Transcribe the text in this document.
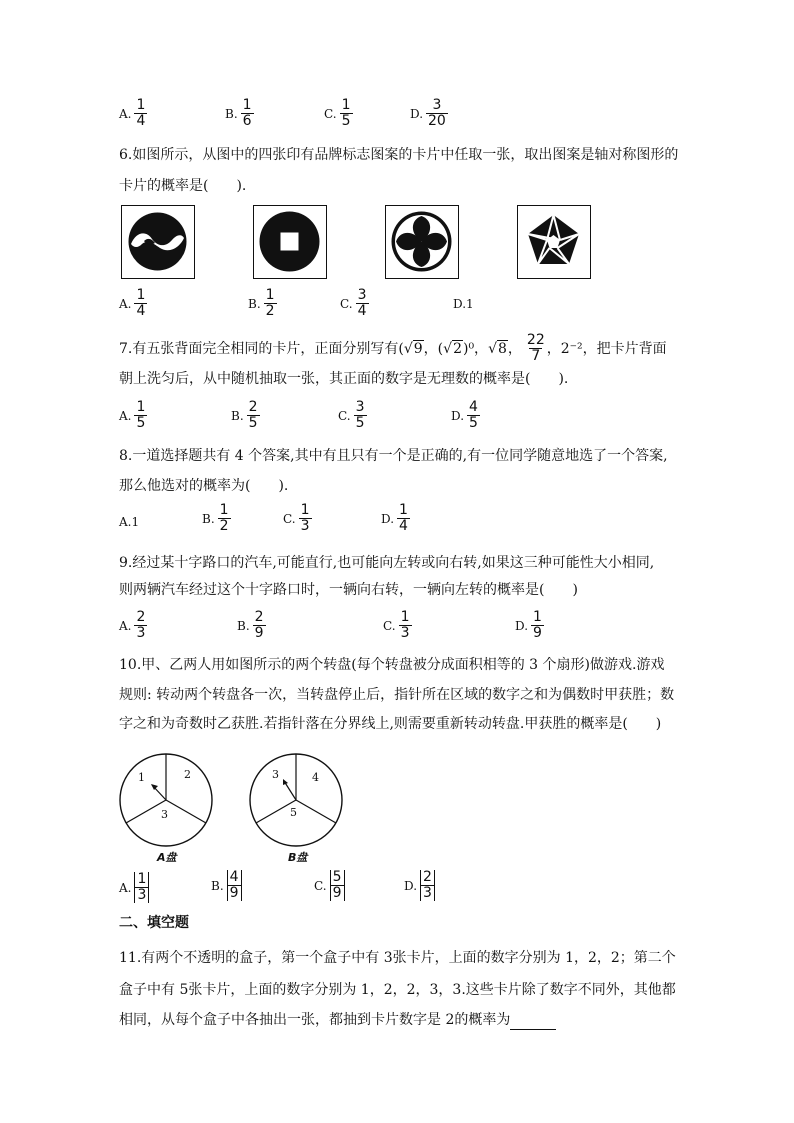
A. $\frac{1}{4}$	B. $\frac{1}{6}$	C. $\frac{1}{5}$	D. $\frac{3}{20}$
6.如图所示，从图中的四张印有品牌标志图案的卡片中任取一张，取出图案是轴对称图形的
卡片的概率是(　　).
A. $\frac{1}{4}$	B. $\frac{1}{2}$	C. $\frac{3}{4}$	D.1
7.有五张背面完全相同的卡片，正面分别写有( √9 ，( √2 )⁰， √8 ， $\frac{22}{7}$ ，2⁻²，把卡片背面
朝上洗匀后，从中随机抽取一张，其正面的数字是无理数的概率是(　　).
A. $\frac{1}{5}$	B. $\frac{2}{5}$	C. $\frac{3}{5}$	D. $\frac{4}{5}$
8.一道选择题共有 4 个答案,其中有且只有一个是正确的,有一位同学随意地选了一个答案,
那么他选对的概率为(　　).
A.1	B. $\frac{1}{2}$	C. $\frac{1}{3}$	D. $\frac{1}{4}$
9.经过某十字路口的汽车,可能直行,也可能向左转或向右转,如果这三种可能性大小相同,
则两辆汽车经过这个十字路口时，一辆向右转，一辆向左转的概率是(　　)
A. $\frac{2}{3}$	B. $\frac{2}{9}$	C. $\frac{1}{3}$	D. $\frac{1}{9}$
10.甲、乙两人用如图所示的两个转盘(每个转盘被分成面积相等的 3 个扇形)做游戏.游戏
规则: 转动两个转盘各一次，当转盘停止后，指针所在区域的数字之和为偶数时甲获胜；数
字之和为奇数时乙获胜.若指针落在分界线上,则需要重新转动转盘.甲获胜的概率是(　　)
1	2
3
A盘
3	4
5
B盘
A. $\frac{1}{3}$	B. $\frac{4}{9}$	C. $\frac{5}{9}$	D. $\frac{2}{3}$
二、填空题
11.有两个不透明的盒子，第一个盒子中有 3张卡片，上面的数字分别为 1，2，2；第二个
盒子中有 5张卡片，上面的数字分别为 1，2，2，3，3.这些卡片除了数字不同外，其他都
相同，从每个盒子中各抽出一张，都抽到卡片数字是 2的概率为
